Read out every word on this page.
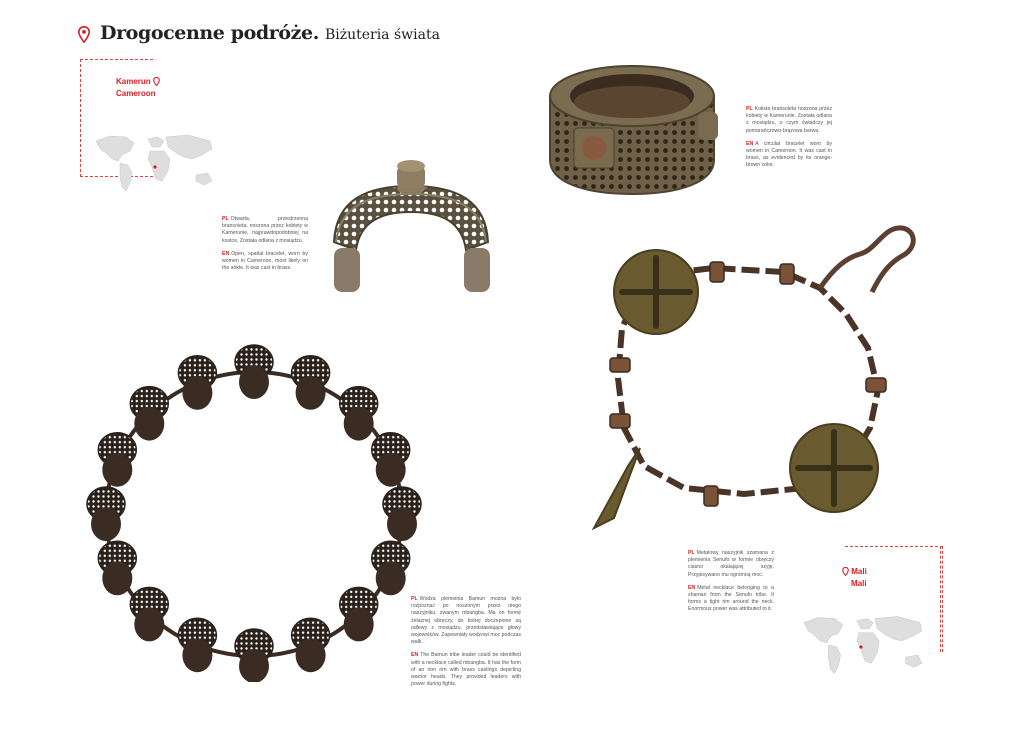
Drogocenne podróże. Biżuteria świata
Kamerun
Cameroon

PL Otwarta, przestrzenna bransoleta, noszona przez kobiety w Kamerunie, najprawdopodobniej na kostce. Została odlana z mosiądzu.

EN Open, spatial bracelet, worn by women in Cameroon, most likely on the ankle. It was cast in brass.

PL Kolista bransoleta noszona przez kobiety w Kamerunie. Została odlana z mosiądzu, o czym świadczy jej pomarańczowo-brązowa barwa.

EN A circular bracelet worn by women in Cameroon. It was cast in brass, as evidenced by its orange-brown color.

PL Wodza plemienia Bamun można było rozpoznać po noszonym przez niego naszyjniku, zwanym mbangba. Ma on formę żelaznej obręczy, do której doczepione są odlewy z mosiądzu, przedstawiające głowy wojowników. Zapewniały wodzowi moc podczas walk.

EN The Bamun tribe leader could be identified with a necklace called mbangba. It has the form of an iron rim with brass castings depicting warrior heads. They provided leaders with power during fights.

Mali
Mali

PL Metalowy naszyjnik szamana z plemienia Senufo w formie obręczy ciasno okalającej szyję. Przypisywano mu ogromną moc.

EN Metal necklace belonging to a shaman from the Senufo tribe. It forms a tight rim around the neck. Enormous power was attributed to it.
